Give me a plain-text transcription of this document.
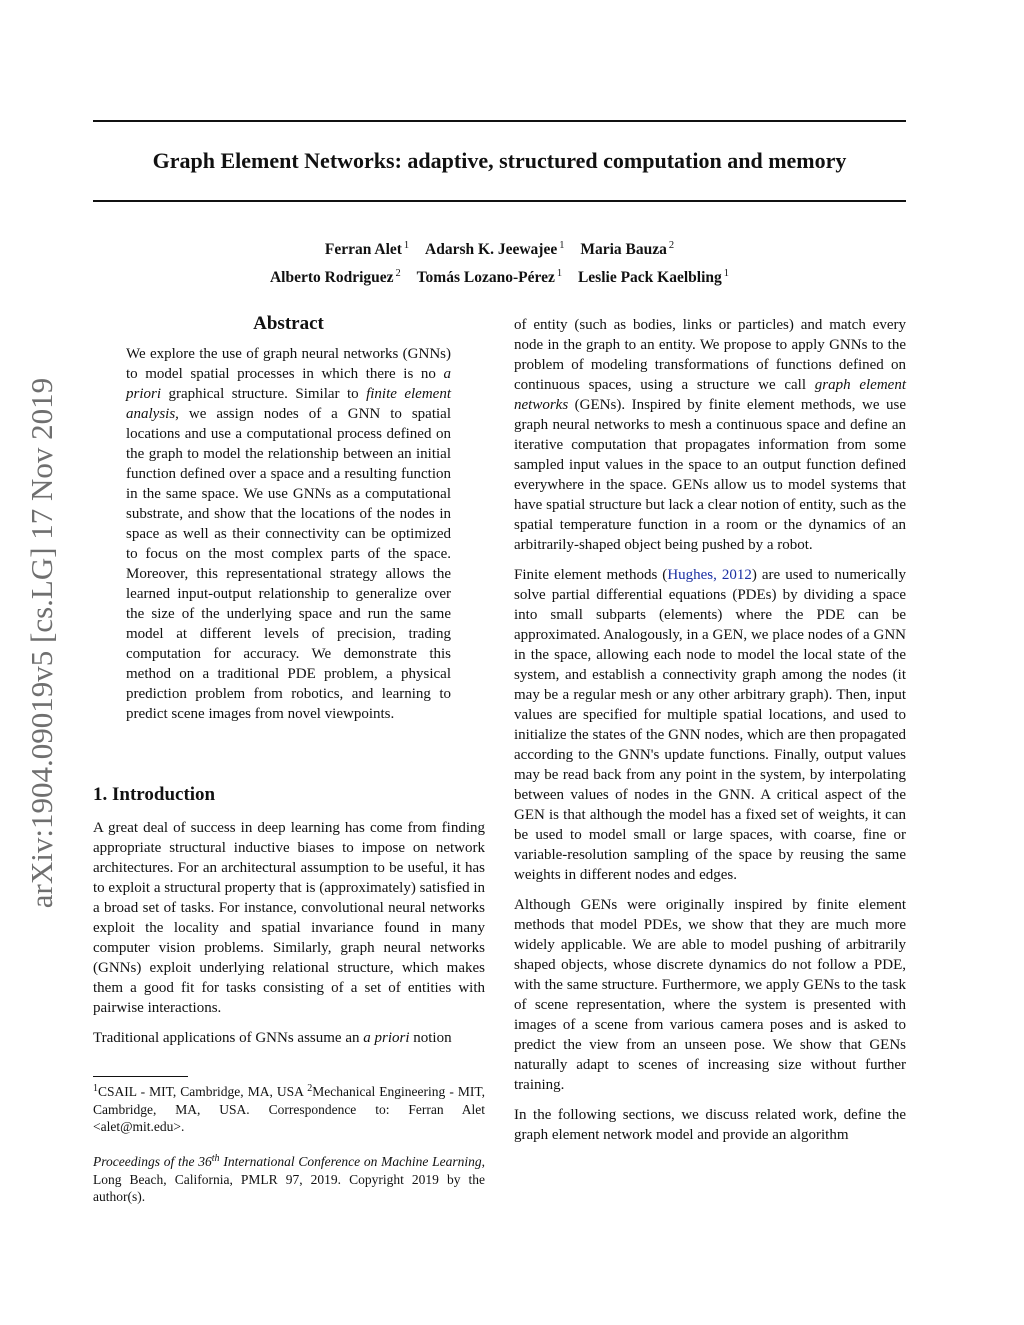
arXiv:1904.09019v5 [cs.LG] 17 Nov 2019
Graph Element Networks: adaptive, structured computation and memory
Ferran Alet $^1$ Adarsh K. Jeewajee $^1$ Maria Bauza $^2$
Alberto Rodriguez $^2$ Tomás Lozano-Pérez $^1$ Leslie Pack Kaelbling $^1$
Abstract
We explore the use of graph neural networks (GNNs) to model spatial processes in which there is no a priori graphical structure. Similar to finite element analysis, we assign nodes of a GNN to spatial locations and use a computational process defined on the graph to model the relationship between an initial function defined over a space and a resulting function in the same space. We use GNNs as a computational substrate, and show that the locations of the nodes in space as well as their connectivity can be optimized to focus on the most complex parts of the space. Moreover, this representational strategy allows the learned input-output relationship to generalize over the size of the underlying space and run the same model at different levels of precision, trading computation for accuracy. We demonstrate this method on a traditional PDE problem, a physical prediction problem from robotics, and learning to predict scene images from novel viewpoints.
1. Introduction

A great deal of success in deep learning has come from finding appropriate structural inductive biases to impose on network architectures. For an architectural assumption to be useful, it has to exploit a structural property that is (approximately) satisfied in a broad set of tasks. For instance, convolutional neural networks exploit the locality and spatial invariance found in many computer vision problems. Similarly, graph neural networks (GNNs) exploit underlying relational structure, which makes them a good fit for tasks consisting of a set of entities with pairwise interactions.

Traditional applications of GNNs assume an a priori notion

$^1$CSAIL - MIT, Cambridge, MA, USA $^2$Mechanical Engineering - MIT, Cambridge, MA, USA. Correspondence to: Ferran Alet <alet@mit.edu>.
Proceedings of the 36th International Conference on Machine Learning, Long Beach, California, PMLR 97, 2019. Copyright 2019 by the author(s).

of entity (such as bodies, links or particles) and match every node in the graph to an entity. We propose to apply GNNs to the problem of modeling transformations of functions defined on continuous spaces, using a structure we call graph element networks (GENs). Inspired by finite element methods, we use graph neural networks to mesh a continuous space and define an iterative computation that propagates information from some sampled input values in the space to an output function defined everywhere in the space. GENs allow us to model systems that have spatial structure but lack a clear notion of entity, such as the spatial temperature function in a room or the dynamics of an arbitrarily-shaped object being pushed by a robot.

Finite element methods (Hughes, 2012) are used to numerically solve partial differential equations (PDEs) by dividing a space into small subparts (elements) where the PDE can be approximated. Analogously, in a GEN, we place nodes of a GNN in the space, allowing each node to model the local state of the system, and establish a connectivity graph among the nodes (it may be a regular mesh or any other arbitrary graph). Then, input values are specified for multiple spatial locations, and used to initialize the states of the GNN nodes, which are then propagated according to the GNN's update functions. Finally, output values may be read back from any point in the system, by interpolating between values of nodes in the GNN. A critical aspect of the GEN is that although the model has a fixed set of weights, it can be used to model small or large spaces, with coarse, fine or variable-resolution sampling of the space by reusing the same weights in different nodes and edges.

Although GENs were originally inspired by finite element methods that model PDEs, we show that they are much more widely applicable. We are able to model pushing of arbitrarily shaped objects, whose discrete dynamics do not follow a PDE, with the same structure. Furthermore, we apply GENs to the task of scene representation, where the system is presented with images of a scene from various camera poses and is asked to predict the view from an unseen pose. We show that GENs naturally adapt to scenes of increasing size without further training.

In the following sections, we discuss related work, define the graph element network model and provide an algorithm
